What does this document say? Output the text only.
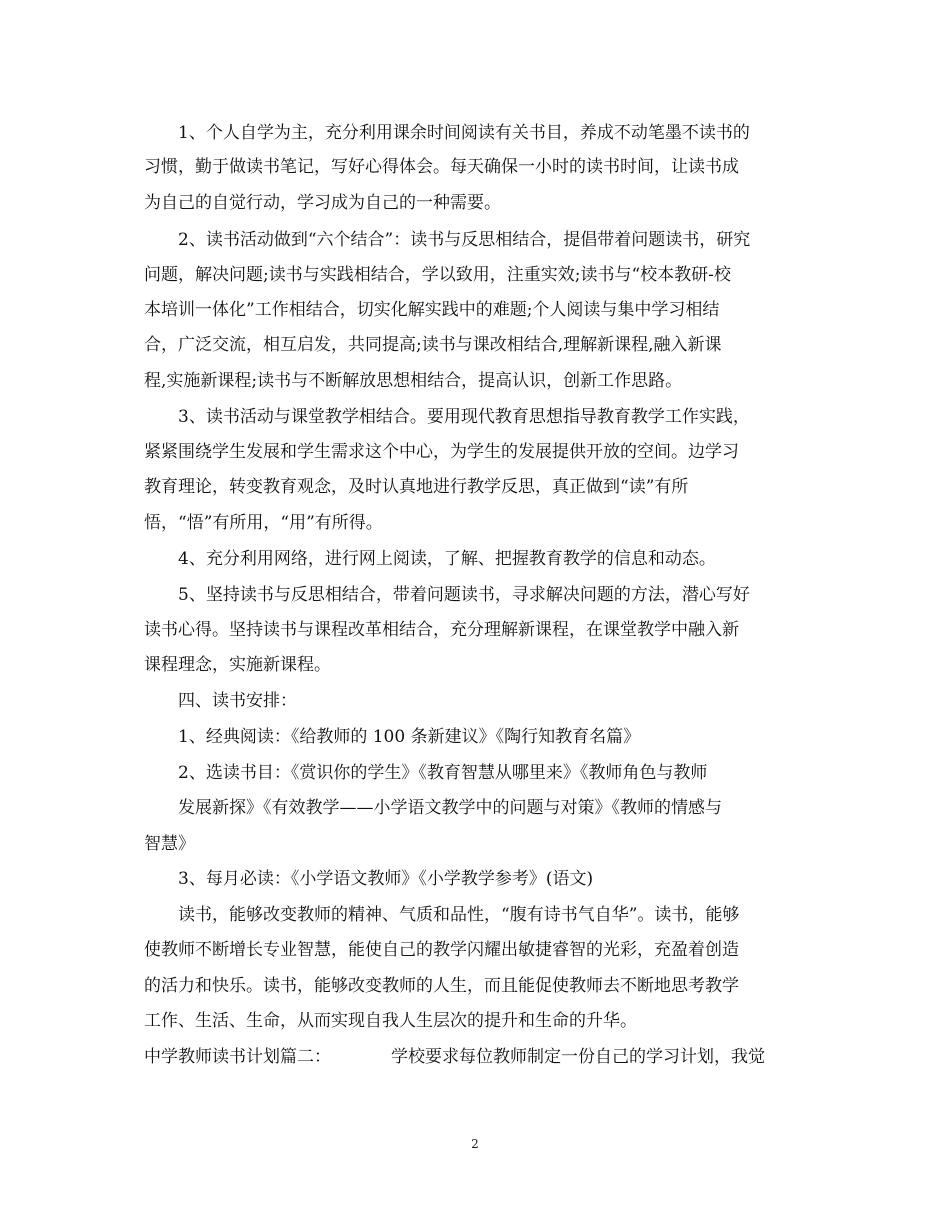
1、个人自学为主，充分利用课余时间阅读有关书目，养成不动笔墨不读书的
习惯，勤于做读书笔记，写好心得体会。每天确保一小时的读书时间，让读书成
为自己的自觉行动，学习成为自己的一种需要。
2、读书活动做到“六个结合”：读书与反思相结合，提倡带着问题读书，研究
问题，解决问题;读书与实践相结合，学以致用，注重实效;读书与“校本教研-校
本培训一体化”工作相结合，切实化解实践中的难题;个人阅读与集中学习相结
合，广泛交流，相互启发，共同提高;读书与课改相结合,理解新课程,融入新课
程,实施新课程;读书与不断解放思想相结合，提高认识，创新工作思路。
3、读书活动与课堂教学相结合。要用现代教育思想指导教育教学工作实践，
紧紧围绕学生发展和学生需求这个中心，为学生的发展提供开放的空间。边学习
教育理论，转变教育观念，及时认真地进行教学反思，真正做到“读”有所
悟，“悟”有所用，“用”有所得。
4、充分利用网络，进行网上阅读，了解、把握教育教学的信息和动态。
5、坚持读书与反思相结合，带着问题读书，寻求解决问题的方法，潜心写好
读书心得。坚持读书与课程改革相结合，充分理解新课程，在课堂教学中融入新
课程理念，实施新课程。
四、读书安排：
1、经典阅读：《给教师的 100 条新建议》《陶行知教育名篇》
2、选读书目：《赏识你的学生》《教育智慧从哪里来》《教师角色与教师
发展新探》《有效教学——小学语文教学中的问题与对策》《教师的情感与
智慧》
3、每月必读：《小学语文教师》《小学教学参考》(语文)
读书，能够改变教师的精神、气质和品性，“腹有诗书气自华”。读书，能够
使教师不断增长专业智慧，能使自己的教学闪耀出敏捷睿智的光彩，充盈着创造
的活力和快乐。读书，能够改变教师的人生，而且能促使教师去不断地思考教学
工作、生活、生命，从而实现自我人生层次的提升和生命的升华。
中学教师读书计划篇二：	学校要求每位教师制定一份自己的学习计划，我觉
2
